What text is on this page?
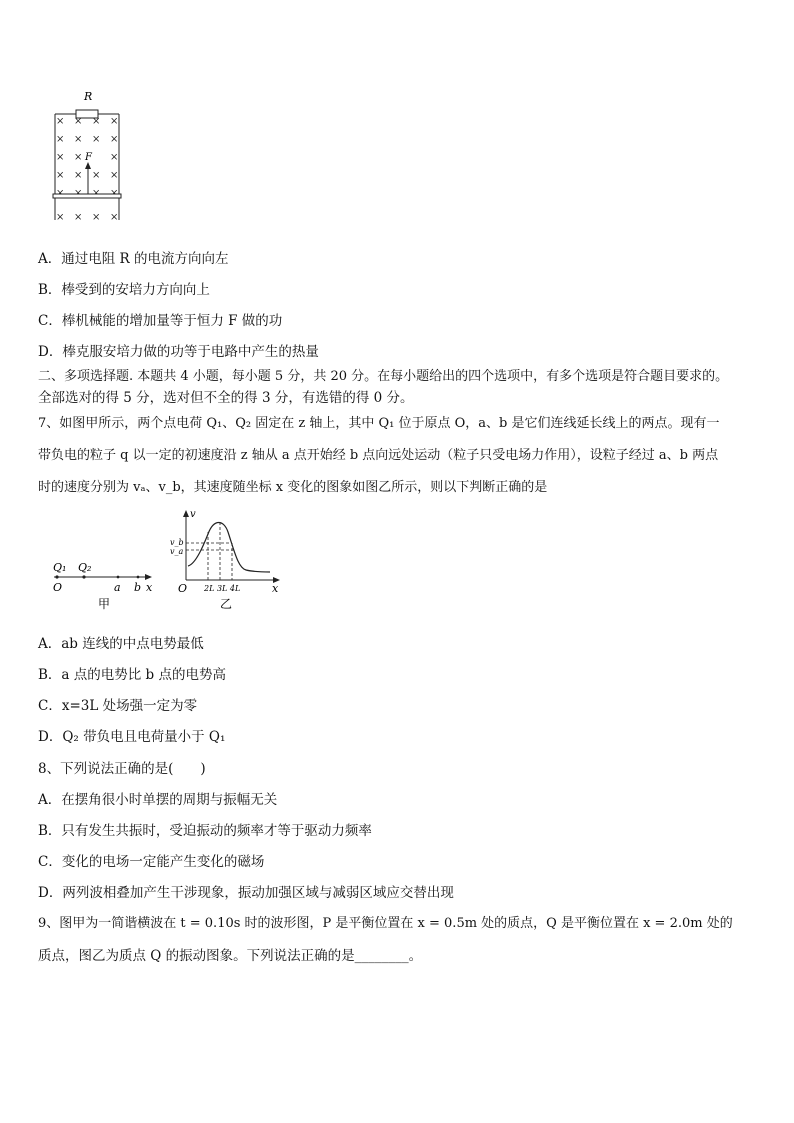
R
× × × ×
× × × ×
× ×	×
× × × ×
× × × ×
F
A．通过电阻 R 的电流方向向左
B．棒受到的安培力方向向上
C．棒机械能的增加量等于恒力 F 做的功
D．棒克服安培力做的功等于电路中产生的热量
二、多项选择题. 本题共 4 小题，每小题 5 分，共 20 分。在每小题给出的四个选项中，有多个选项是符合题目要求的。
全部选对的得 5 分，选对但不全的得 3 分，有选错的得 0 分。
7、如图甲所示，两个点电荷 Q₁、Q₂ 固定在 z 轴上，其中 Q₁ 位于原点 O，a、b 是它们连线延长线上的两点。现有一
带负电的粒子 q 以一定的初速度沿 z 轴从 a 点开始经 b 点向远处运动（粒子只受电场力作用），设粒子经过 a、b 两点
时的速度分别为 vₐ、v_b，其速度随坐标 x 变化的图象如图乙所示，则以下判断正确的是
Q₁ Q₂
O	a b x
甲
v
v_b
v_a
O 2L 3L 4L	x
乙
A．ab 连线的中点电势最低
B．a 点的电势比 b 点的电势高
C．x=3L 处场强一定为零
D．Q₂ 带负电且电荷量小于 Q₁
8、下列说法正确的是(　　)
A．在摆角很小时单摆的周期与振幅无关
B．只有发生共振时，受迫振动的频率才等于驱动力频率
C．变化的电场一定能产生变化的磁场
D．两列波相叠加产生干涉现象，振动加强区域与减弱区域应交替出现
9、图甲为一简谐横波在 t = 0.10s 时的波形图，P 是平衡位置在 x = 0.5m 处的质点，Q 是平衡位置在 x = 2.0m 处的
质点，图乙为质点 Q 的振动图象。下列说法正确的是________。
